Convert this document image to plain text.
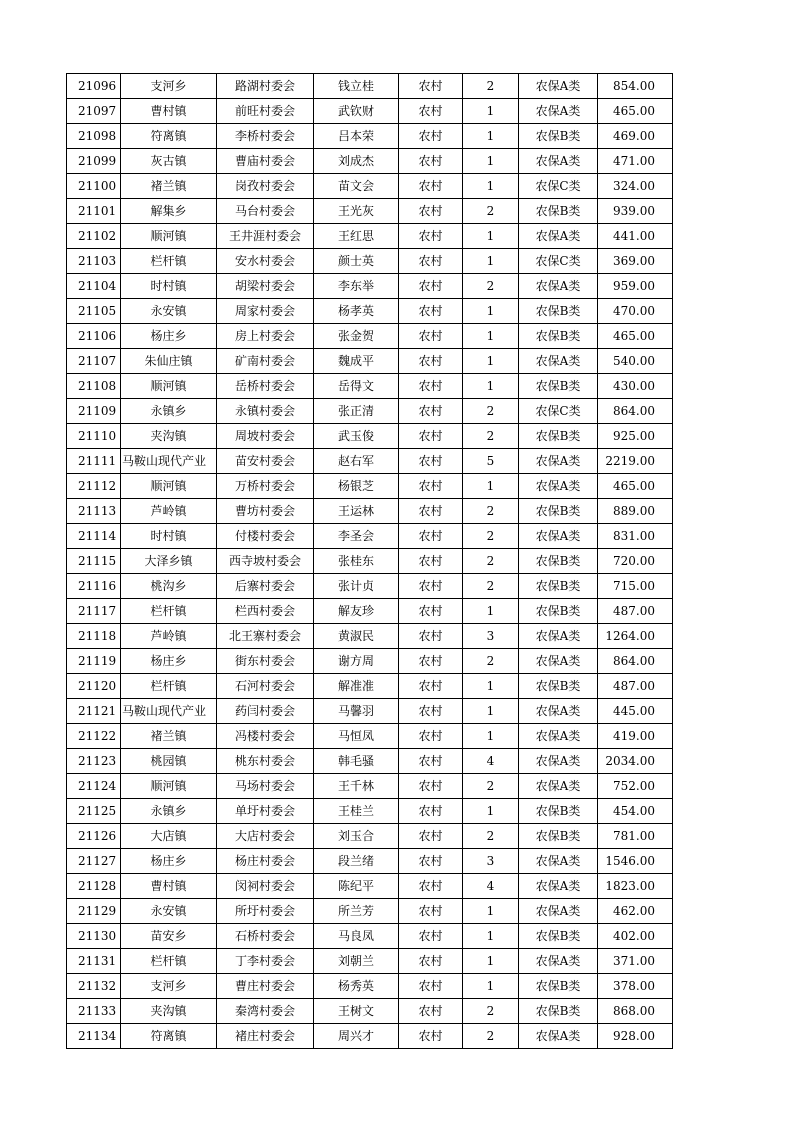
21096	支河乡	路湖村委会	钱立桂	农村	2	农保A类	854.00
21097	曹村镇	前旺村委会	武钦财	农村	1	农保A类	465.00
21098	符离镇	李桥村委会	吕本荣	农村	1	农保B类	469.00
21099	灰古镇	曹庙村委会	刘成杰	农村	1	农保A类	471.00
21100	褚兰镇	岗孜村委会	苗文会	农村	1	农保C类	324.00
21101	解集乡	马台村委会	王光灰	农村	2	农保B类	939.00
21102	顺河镇	王井涯村委会	王红思	农村	1	农保A类	441.00
21103	栏杆镇	安水村委会	颜士英	农村	1	农保C类	369.00
21104	时村镇	胡梁村委会	李东举	农村	2	农保A类	959.00
21105	永安镇	周家村委会	杨孝英	农村	1	农保B类	470.00
21106	杨庄乡	房上村委会	张金贺	农村	1	农保B类	465.00
21107	朱仙庄镇	矿南村委会	魏成平	农村	1	农保A类	540.00
21108	顺河镇	岳桥村委会	岳得文	农村	1	农保B类	430.00
21109	永镇乡	永镇村委会	张正清	农村	2	农保C类	864.00
21110	夹沟镇	周坡村委会	武玉俊	农村	2	农保B类	925.00
21111	马鞍山现代产业	苗安村委会	赵右军	农村	5	农保A类	2219.00
21112	顺河镇	万桥村委会	杨银芝	农村	1	农保A类	465.00
21113	芦岭镇	曹坊村委会	王运林	农村	2	农保B类	889.00
21114	时村镇	付楼村委会	李圣会	农村	2	农保A类	831.00
21115	大泽乡镇	西寺坡村委会	张桂东	农村	2	农保B类	720.00
21116	桃沟乡	后寨村委会	张计贞	农村	2	农保B类	715.00
21117	栏杆镇	栏西村委会	解友珍	农村	1	农保B类	487.00
21118	芦岭镇	北王寨村委会	黄淑民	农村	3	农保A类	1264.00
21119	杨庄乡	街东村委会	谢方周	农村	2	农保A类	864.00
21120	栏杆镇	石河村委会	解准准	农村	1	农保B类	487.00
21121	马鞍山现代产业	药闫村委会	马馨羽	农村	1	农保A类	445.00
21122	褚兰镇	冯楼村委会	马恒凤	农村	1	农保A类	419.00
21123	桃园镇	桃东村委会	韩毛骚	农村	4	农保A类	2034.00
21124	顺河镇	马场村委会	王千林	农村	2	农保A类	752.00
21125	永镇乡	单圩村委会	王桂兰	农村	1	农保B类	454.00
21126	大店镇	大店村委会	刘玉合	农村	2	农保B类	781.00
21127	杨庄乡	杨庄村委会	段兰绪	农村	3	农保A类	1546.00
21128	曹村镇	闵祠村委会	陈纪平	农村	4	农保A类	1823.00
21129	永安镇	所圩村委会	所兰芳	农村	1	农保A类	462.00
21130	苗安乡	石桥村委会	马良凤	农村	1	农保B类	402.00
21131	栏杆镇	丁李村委会	刘朝兰	农村	1	农保A类	371.00
21132	支河乡	曹庄村委会	杨秀英	农村	1	农保B类	378.00
21133	夹沟镇	秦湾村委会	王树文	农村	2	农保B类	868.00
21134	符离镇	褚庄村委会	周兴才	农村	2	农保A类	928.00
